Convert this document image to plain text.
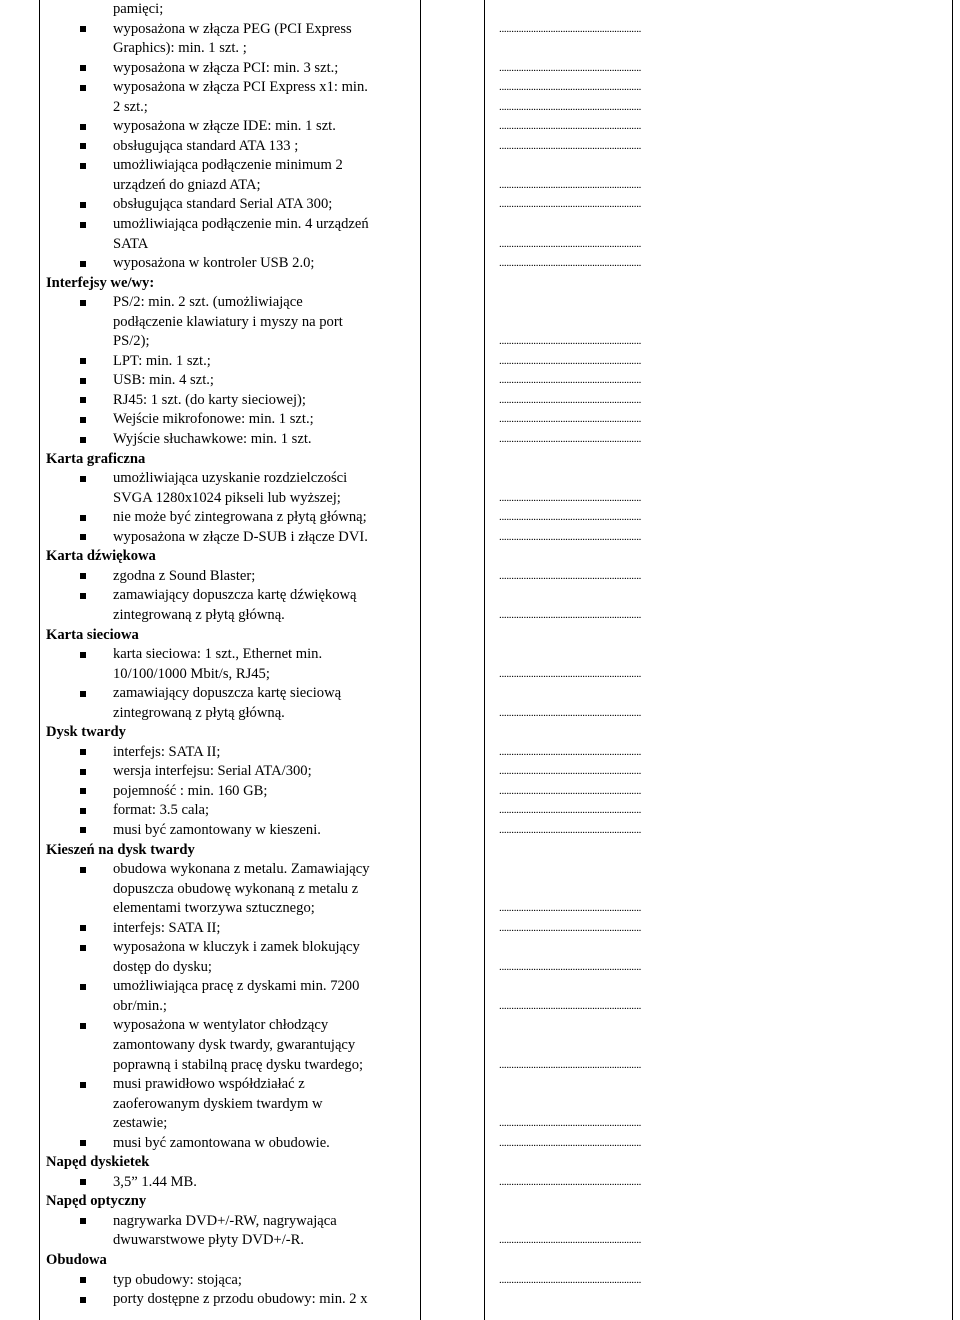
pamięci;
wyposażona w złącza PEG (PCI Express	..........................................................
Graphics): min. 1 szt. ;
wyposażona w złącza PCI: min. 3 szt.;	..........................................................
wyposażona w złącza PCI Express x1: min.	..........................................................
2 szt.;	..........................................................
wyposażona w złącze IDE: min. 1 szt.	..........................................................
obsługująca standard ATA 133 ;	..........................................................
umożliwiająca podłączenie minimum 2
urządzeń do gniazd ATA;	..........................................................
obsługująca standard Serial ATA 300;	..........................................................
umożliwiająca podłączenie min. 4 urządzeń
SATA	..........................................................
wyposażona w kontroler USB 2.0;	..........................................................
Interfejsy we/wy:
PS/2: min. 2 szt. (umożliwiające
podłączenie klawiatury i myszy na port
PS/2);	..........................................................
LPT: min. 1 szt.;	..........................................................
USB: min. 4 szt.;	..........................................................
RJ45: 1 szt. (do karty sieciowej);	..........................................................
Wejście mikrofonowe: min. 1 szt.;	..........................................................
Wyjście słuchawkowe: min. 1 szt.	..........................................................
Karta graficzna
umożliwiająca uzyskanie rozdzielczości
SVGA 1280x1024 pikseli lub wyższej;	..........................................................
nie może być zintegrowana z płytą główną;	..........................................................
wyposażona w złącze D-SUB i złącze DVI.	..........................................................
Karta dźwiękowa
zgodna z Sound Blaster;	..........................................................
zamawiający dopuszcza kartę dźwiękową
zintegrowaną z płytą główną.	..........................................................
Karta sieciowa
karta sieciowa: 1 szt., Ethernet min.
10/100/1000 Mbit/s, RJ45;	..........................................................
zamawiający dopuszcza kartę sieciową
zintegrowaną z płytą główną.	..........................................................
Dysk twardy
interfejs: SATA II;	..........................................................
wersja interfejsu: Serial ATA/300;	..........................................................
pojemność : min. 160 GB;	..........................................................
format: 3.5 cala;	..........................................................
musi być zamontowany w kieszeni.	..........................................................
Kieszeń na dysk twardy
obudowa wykonana z metalu. Zamawiający
dopuszcza obudowę wykonaną z metalu z
elementami tworzywa sztucznego;	..........................................................
interfejs: SATA II;	..........................................................
wyposażona w kluczyk i zamek blokujący
dostęp do dysku;	..........................................................
umożliwiająca pracę z dyskami min. 7200
obr/min.;	..........................................................
wyposażona w wentylator chłodzący
zamontowany dysk twardy, gwarantujący
poprawną i stabilną pracę dysku twardego;	..........................................................
musi prawidłowo współdziałać z
zaoferowanym dyskiem twardym w
zestawie;	..........................................................
musi być zamontowana w obudowie.	..........................................................
Napęd dyskietek
3,5” 1.44 MB.	..........................................................
Napęd optyczny
nagrywarka DVD+/-RW, nagrywająca
dwuwarstwowe płyty DVD+/-R.	..........................................................
Obudowa
typ obudowy: stojąca;	..........................................................
porty dostępne z przodu obudowy: min. 2 x
